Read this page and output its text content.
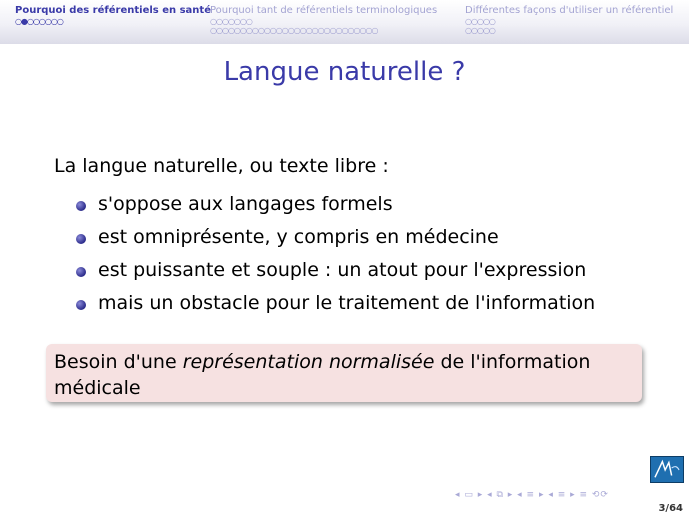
Pourquoi des référentiels en santé
○●○○○○○○
Pourquoi tant de référentiels terminologiques
○○○○○○○
○○○○○○○○○○○○○○○○○○○○○○○○○○○○
Différentes façons d'utiliser un référentiel
○○○○○
○○○○○
Langue naturelle ?
La langue naturelle, ou texte libre :
s'oppose aux langages formels
est omniprésente, y compris en médecine
est puissante et souple : un atout pour l'expression
mais un obstacle pour le traitement de l'information
Besoin d'une représentation normalisée de l'information médicale
◂ ▭ ▸ ◂ ⧉ ▸ ◂ ≡ ▸ ◂ ≡ ▸ ≡ ⟲⟳
3/64
